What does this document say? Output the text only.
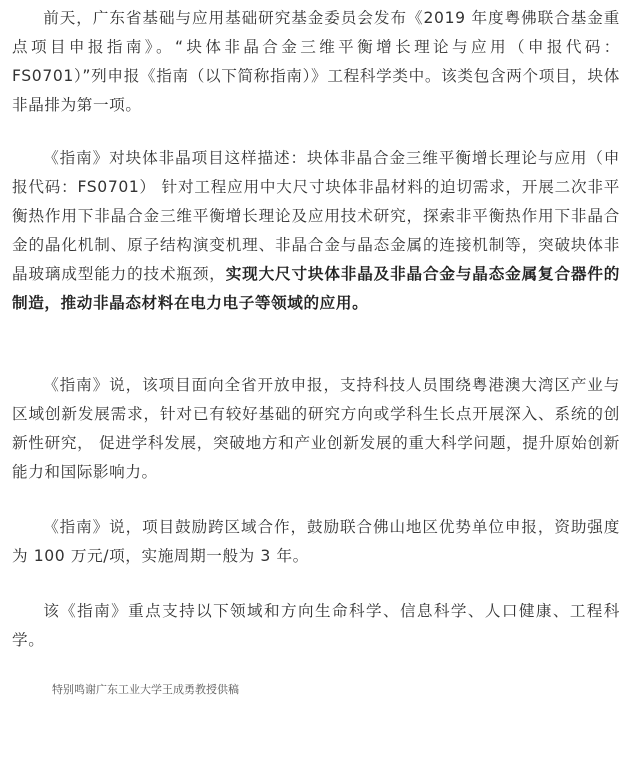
前天，广东省基础与应用基础研究基金委员会发布《2019 年度粤佛联合基金重点项目申报指南》。“块体非晶合金三维平衡增长理论与应用（申报代码：FS0701）”列申报《指南（以下简称指南）》工程科学类中。该类包含两个项目，块体非晶排为第一项。

《指南》对块体非晶项目这样描述：块体非晶合金三维平衡增长理论与应用（申报代码：FS0701） 针对工程应用中大尺寸块体非晶材料的迫切需求，开展二次非平衡热作用下非晶合金三维平衡增长理论及应用技术研究，探索非平衡热作用下非晶合金的晶化机制、原子结构演变机理、非晶合金与晶态金属的连接机制等，突破块体非晶玻璃成型能力的技术瓶颈，实现大尺寸块体非晶及非晶合金与晶态金属复合器件的制造，推动非晶态材料在电力电子等领域的应用。

《指南》说，该项目面向全省开放申报，支持科技人员围绕粤港澳大湾区产业与区域创新发展需求，针对已有较好基础的研究方向或学科生长点开展深入、系统的创新性研究， 促进学科发展，突破地方和产业创新发展的重大科学问题，提升原始创新能力和国际影响力。

《指南》说，项目鼓励跨区域合作，鼓励联合佛山地区优势单位申报，资助强度为 100 万元/项，实施周期一般为 3 年。

该《指南》重点支持以下领域和方向生命科学、信息科学、人口健康、工程科学。

特别鸣谢广东工业大学王成勇教授供稿
